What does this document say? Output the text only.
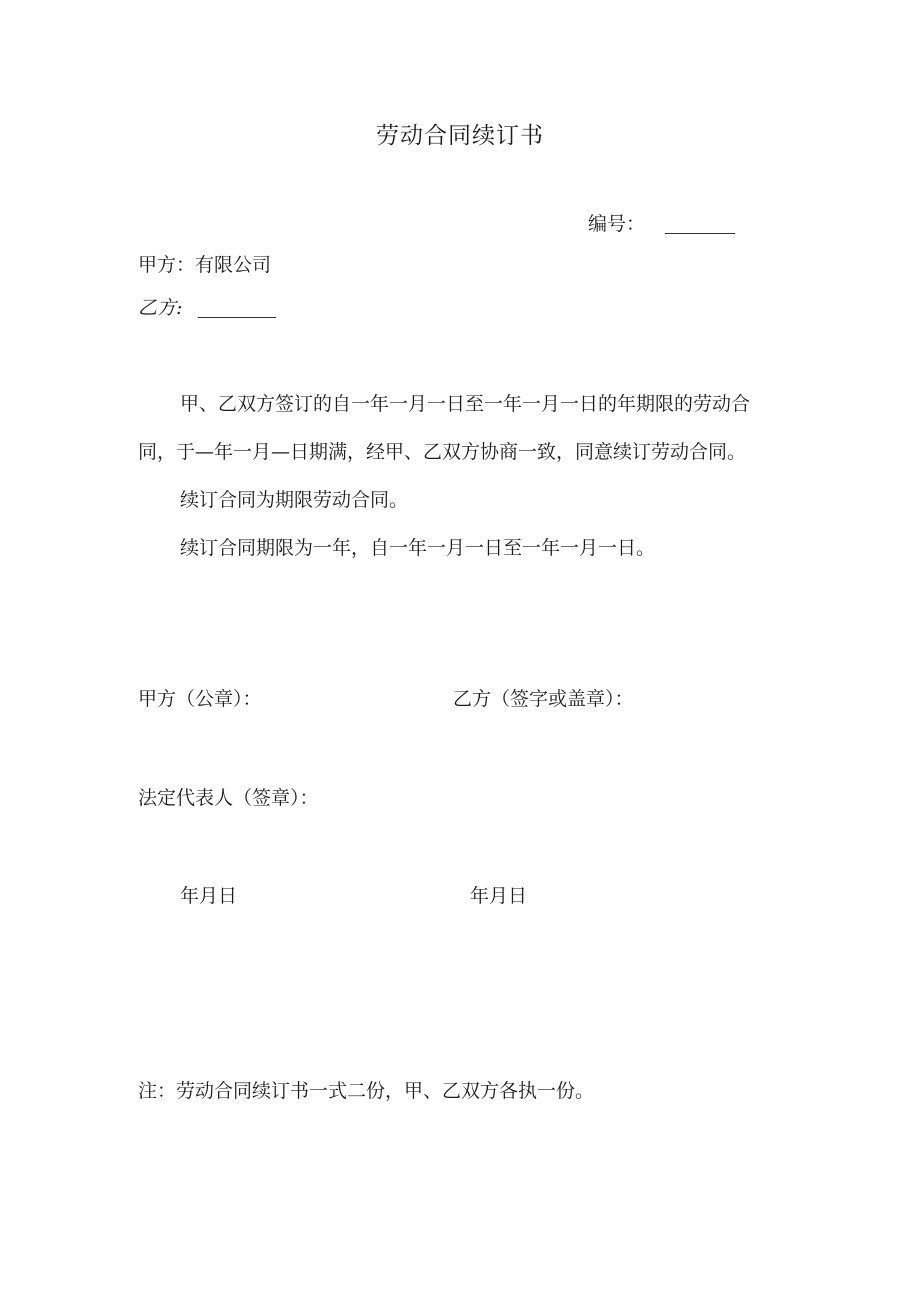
劳动合同续订书
编号：
甲方：有限公司
乙方:
甲、乙双方签订的自一年一月一日至一年一月一日的年期限的劳动合
同，于—年一月—日期满，经甲、乙双方协商一致，同意续订劳动合同。
续订合同为期限劳动合同。
续订合同期限为一年，自一年一月一日至一年一月一日。
甲方（公章）：	乙方（签字或盖章）：
法定代表人（签章）：
年月日	年月日
注：劳动合同续订书一式二份，甲、乙双方各执一份。
